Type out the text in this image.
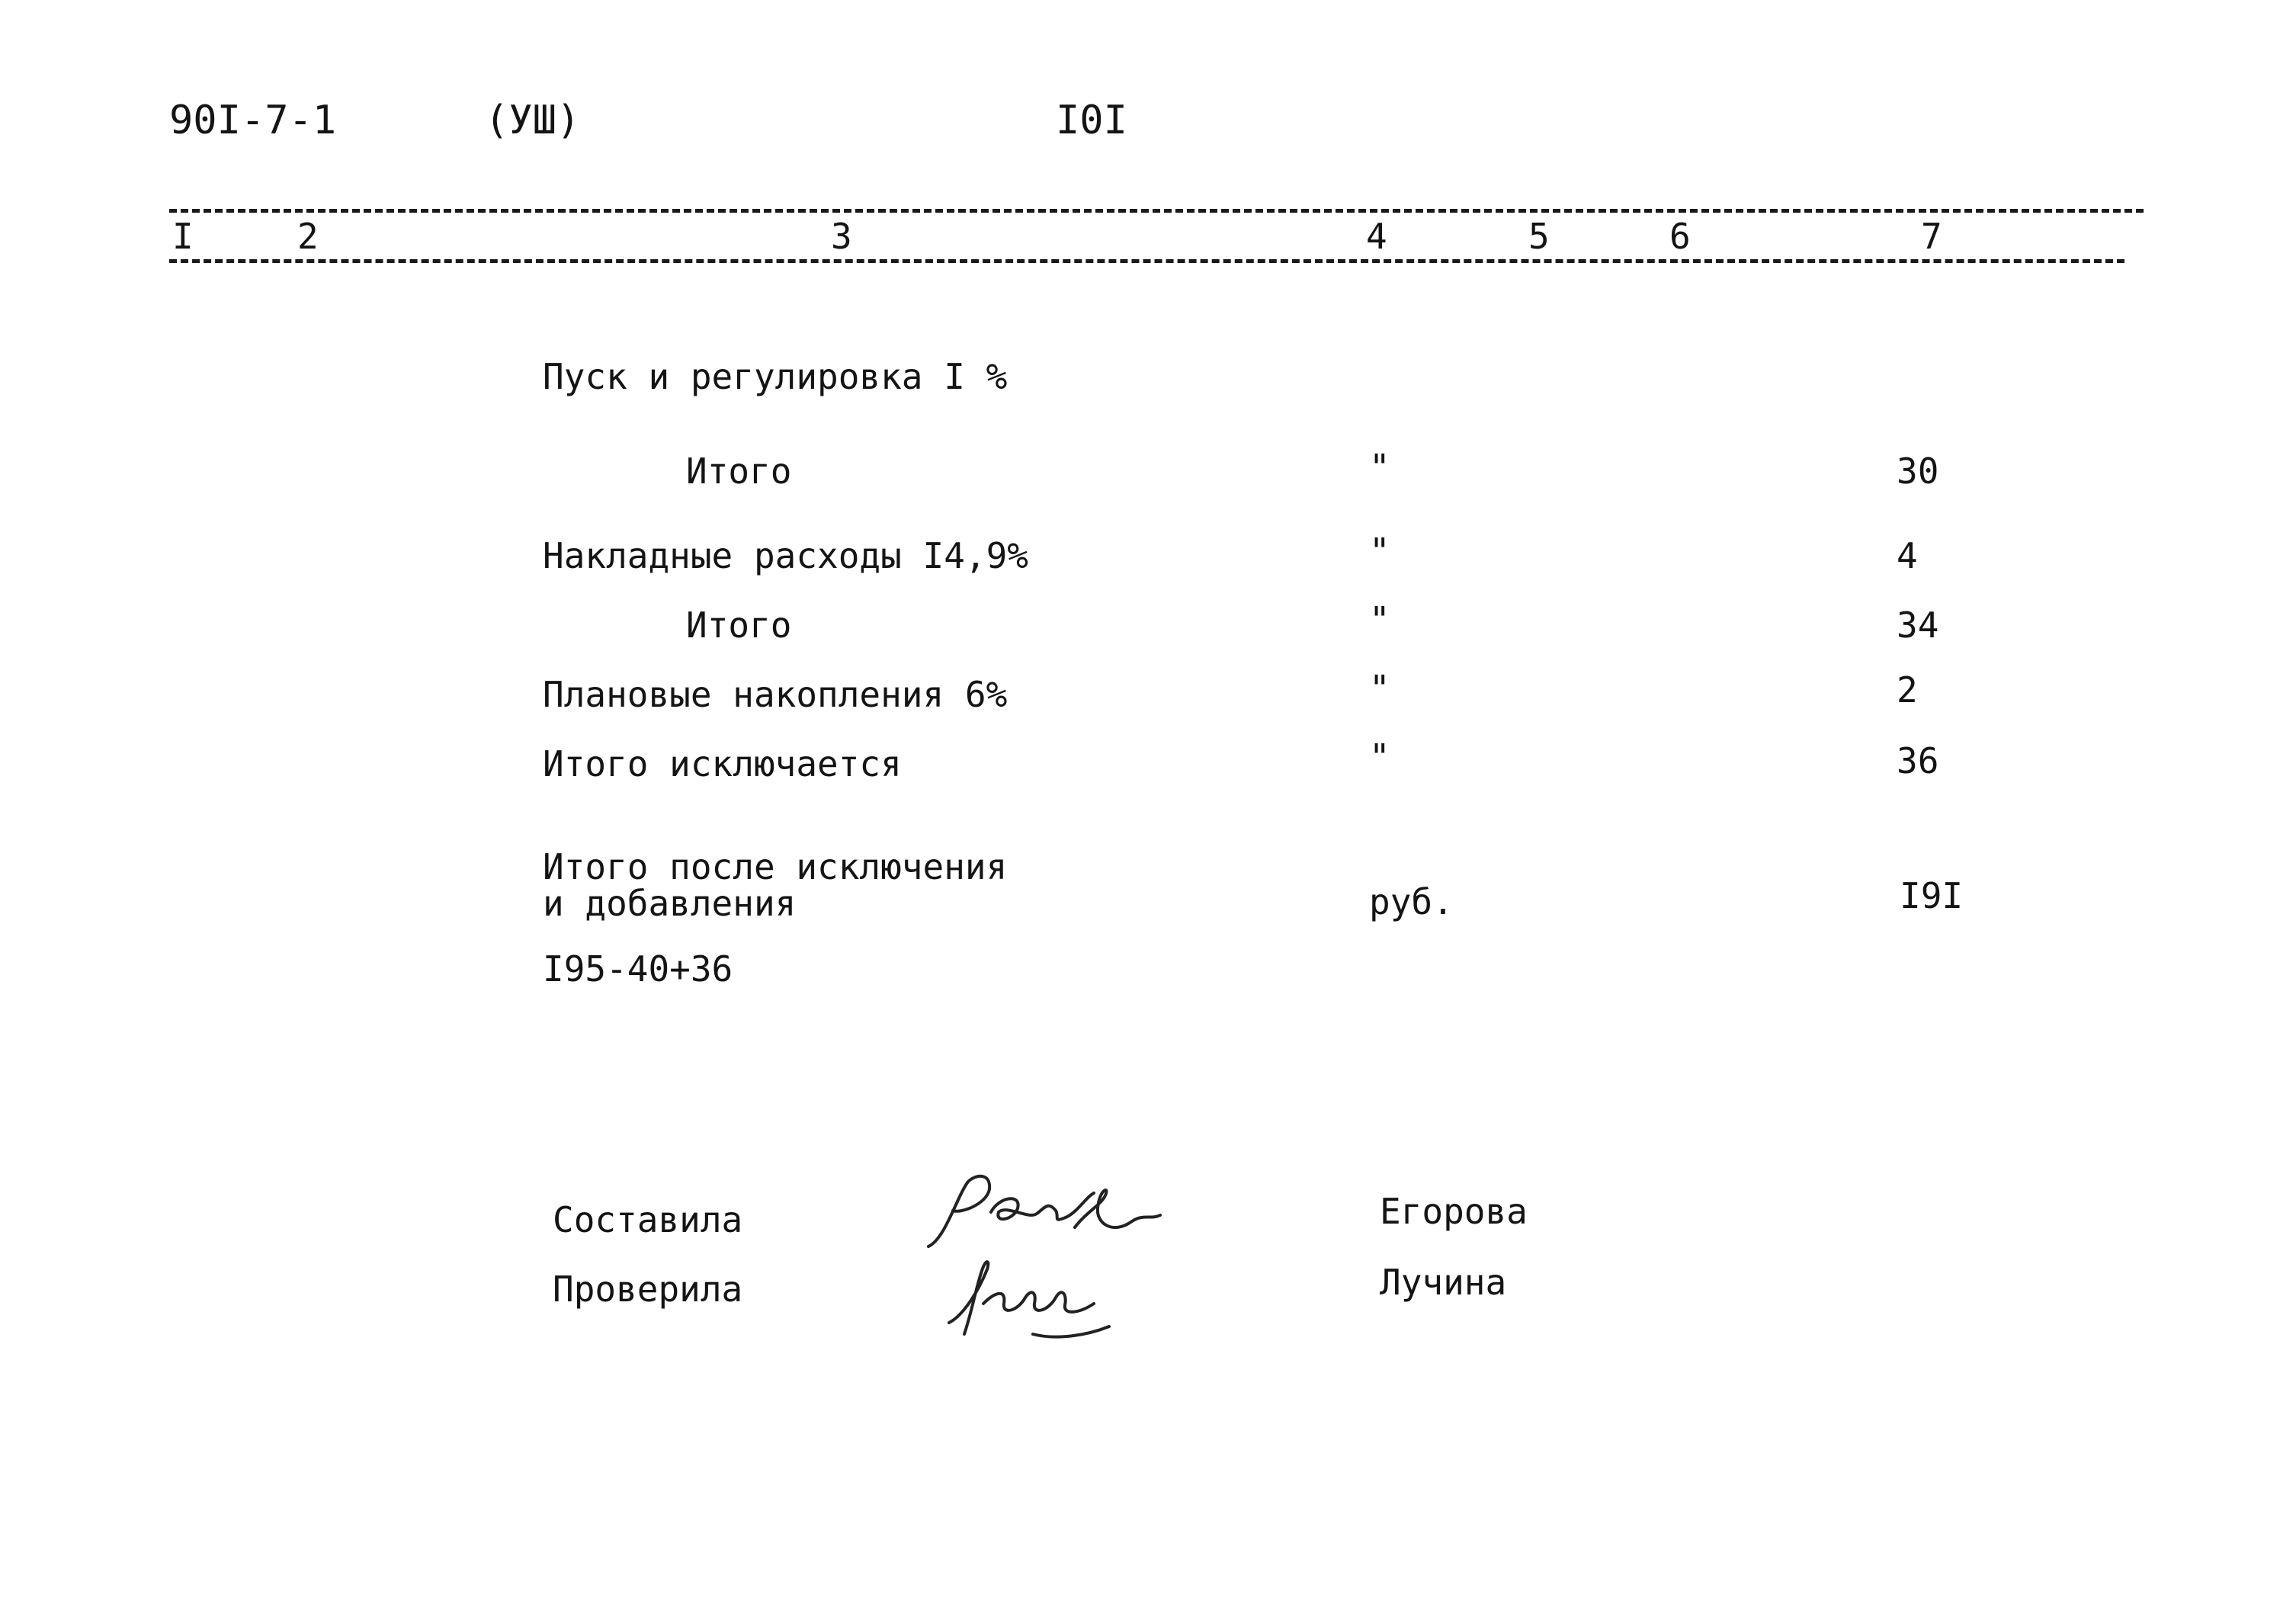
90I-7-1	(УШ)	I0I
I	2	3	4	5	6	7
Пуск и регулировка I %
Итого	"	30
Накладные расходы I4,9%	"	4
Итого	"	34
Плановые накопления 6%	"	2
Итого исключается	"	36
Итого после исключения
и добавления	руб.	I9I
I95-40+36
Составила
Проверила
Егорова
Лучина
